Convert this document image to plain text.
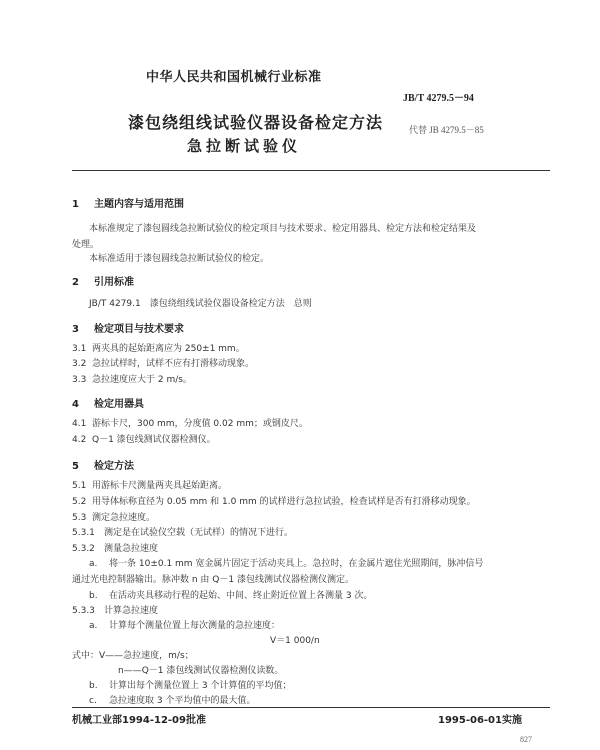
中华人民共和国机械行业标准
JB/T 4279.5－94
漆包绕组线试验仪器设备检定方法
急拉断试验仪
代替 JB 4279.5－85
1 主题内容与适用范围
本标准规定了漆包圆线急拉断试验仪的检定项目与技术要求、检定用器具、检定方法和检定结果及
处理。
本标准适用于漆包圆线急拉断试验仪的检定。
2 引用标准
JB/T 4279.1　 漆包绕组线试验仪器设备检定方法　总则
3 检定项目与技术要求
3.1 两夹具的起始距离应为 250±1 mm。
3.2 急拉试样时，试样不应有打滑移动现象。
3.3 急拉速度应大于 2 m/s。
4 检定用器具
4.1 游标卡尺，300 mm，分度值 0.02 mm；或钢皮尺。
4.2 Q－1 漆包线测试仪器检测仪。
5 检定方法
5.1 用游标卡尺测量两夹具起始距离。
5.2 用导体标称直径为 0.05 mm 和 1.0 mm 的试样进行急拉试验，检查试样是否有打滑移动现象。
5.3 测定急拉速度。
5.3.1 测定是在试验仪空载（无试样）的情况下进行。
5.3.2 测量急拉速度
a. 将一条 10±0.1 mm 宽金属片固定于活动夹具上。急拉时，在金属片遮住光照期间，脉冲信号
通过光电控制器输出。脉冲数 n 由 Q－1 漆包线测试仪器检测仪测定。
b. 在活动夹具移动行程的起始、中间、终止附近位置上各测量 3 次。
5.3.3 计算急拉速度
a. 计算每个测量位置上每次测量的急拉速度：
V＝1 000/n
式中：V——急拉速度，m/s；
n——Q－1 漆包线测试仪器检测仪读数。
b. 计算出每个测量位置上 3 个计算值的平均值；
c. 急拉速度取 3 个平均值中的最大值。
机械工业部1994-12-09批准	1995-06-01实施
827
